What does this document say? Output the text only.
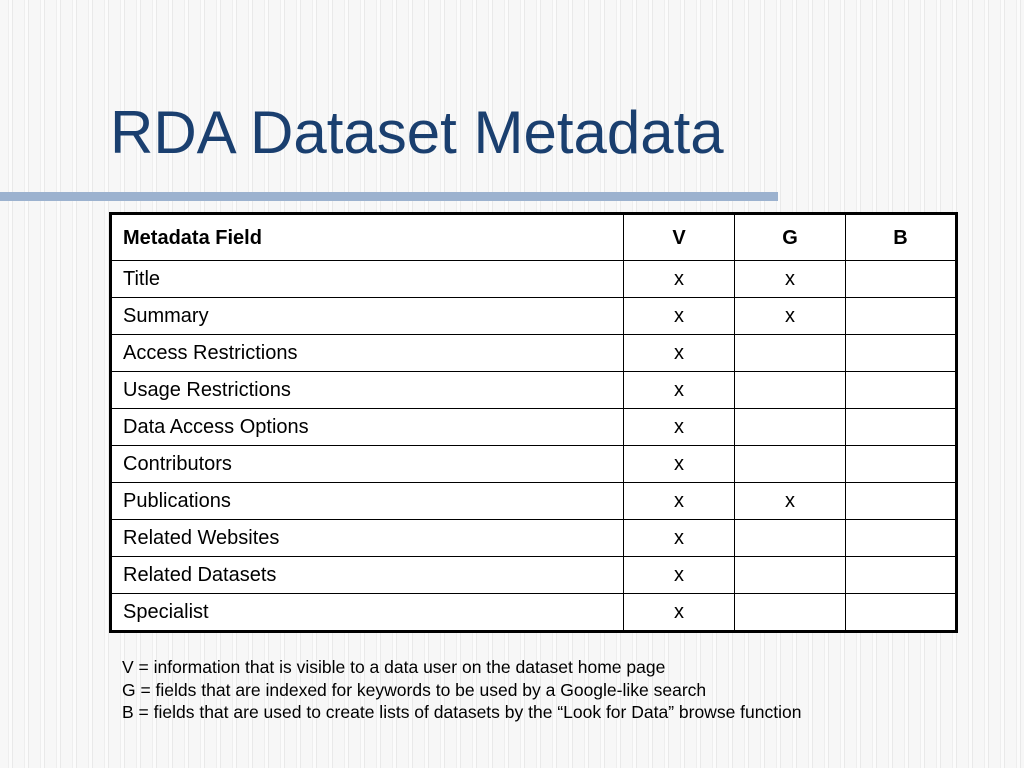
RDA Dataset Metadata
Metadata Field	V	G	B
Title	x	x	
Summary	x	x	
Access Restrictions	x		
Usage Restrictions	x		
Data Access Options	x		
Contributors	x		
Publications	x	x	
Related Websites	x		
Related Datasets	x		
Specialist	x		
V = information that is visible to a data user on the dataset home page
G = fields that are indexed for keywords to be used by a Google-like search
B = fields that are used to create lists of datasets by the “Look for Data” browse function
